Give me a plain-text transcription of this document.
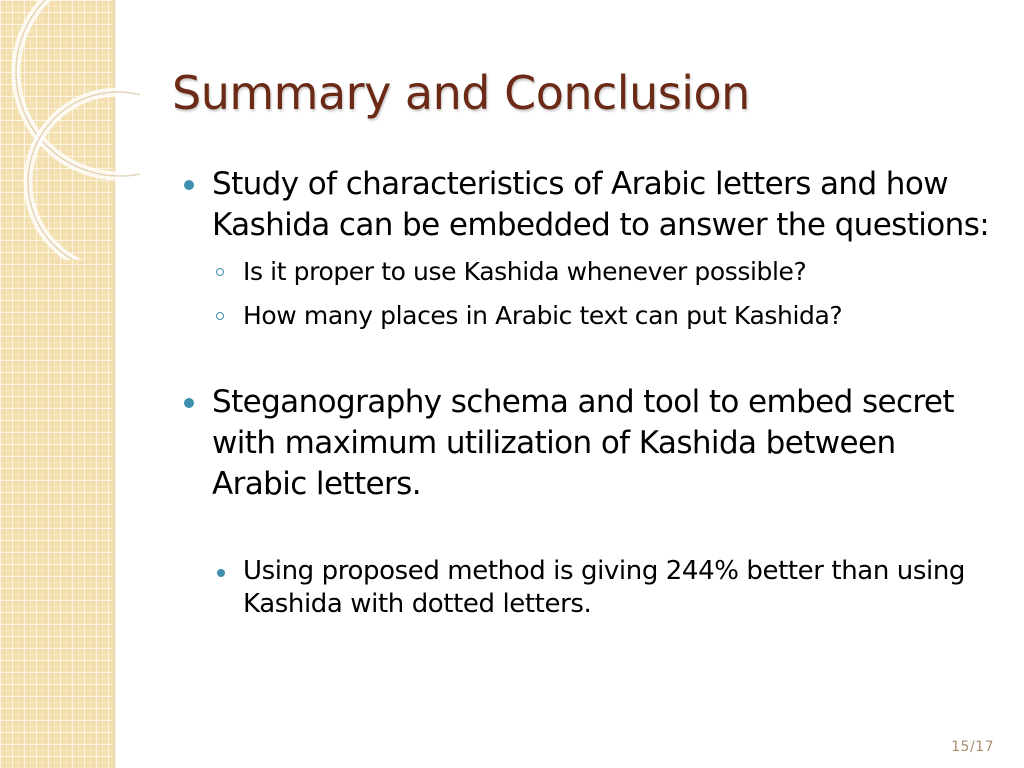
Summary and Conclusion
Study of characteristics of Arabic letters and how Kashida can be embedded to answer the questions:
Is it proper to use Kashida whenever possible?
How many places in Arabic text can put Kashida?
Steganography schema and tool to embed secret with maximum utilization of Kashida between Arabic letters.
Using proposed method is giving 244% better than using Kashida with dotted letters.
15/17
